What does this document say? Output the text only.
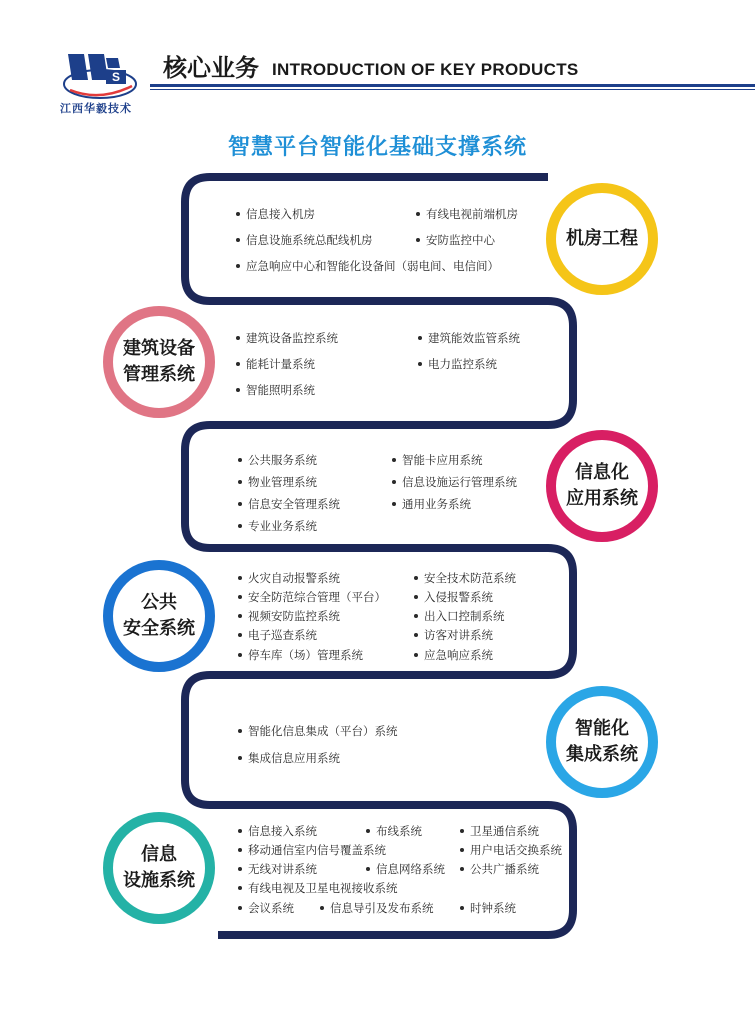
S
江西华毅技术
核心业务 INTRODUCTION OF KEY PRODUCTS
智慧平台智能化基础支撑系统
机房工程
建筑设备
管理系统
信息化
应用系统
公共
安全系统
智能化
集成系统
信息
设施系统
信息接入机房	有线电视前端机房
信息设施系统总配线机房	安防监控中心
应急响应中心和智能化设备间（弱电间、电信间）
建筑设备监控系统	建筑能效监管系统
能耗计量系统	电力监控系统
智能照明系统
公共服务系统	智能卡应用系统
物业管理系统	信息设施运行管理系统
信息安全管理系统	通用业务系统
专业业务系统
火灾自动报警系统	安全技术防范系统
安全防范综合管理（平台）	入侵报警系统
视频安防监控系统	出入口控制系统
电子巡查系统	访客对讲系统
停车库（场）管理系统	应急响应系统
智能化信息集成（平台）系统
集成信息应用系统
信息接入系统	布线系统	卫星通信系统
移动通信室内信号覆盖系统	用户电话交换系统
无线对讲系统	信息网络系统	公共广播系统
有线电视及卫星电视接收系统
会议系统	信息导引及发布系统	时钟系统
